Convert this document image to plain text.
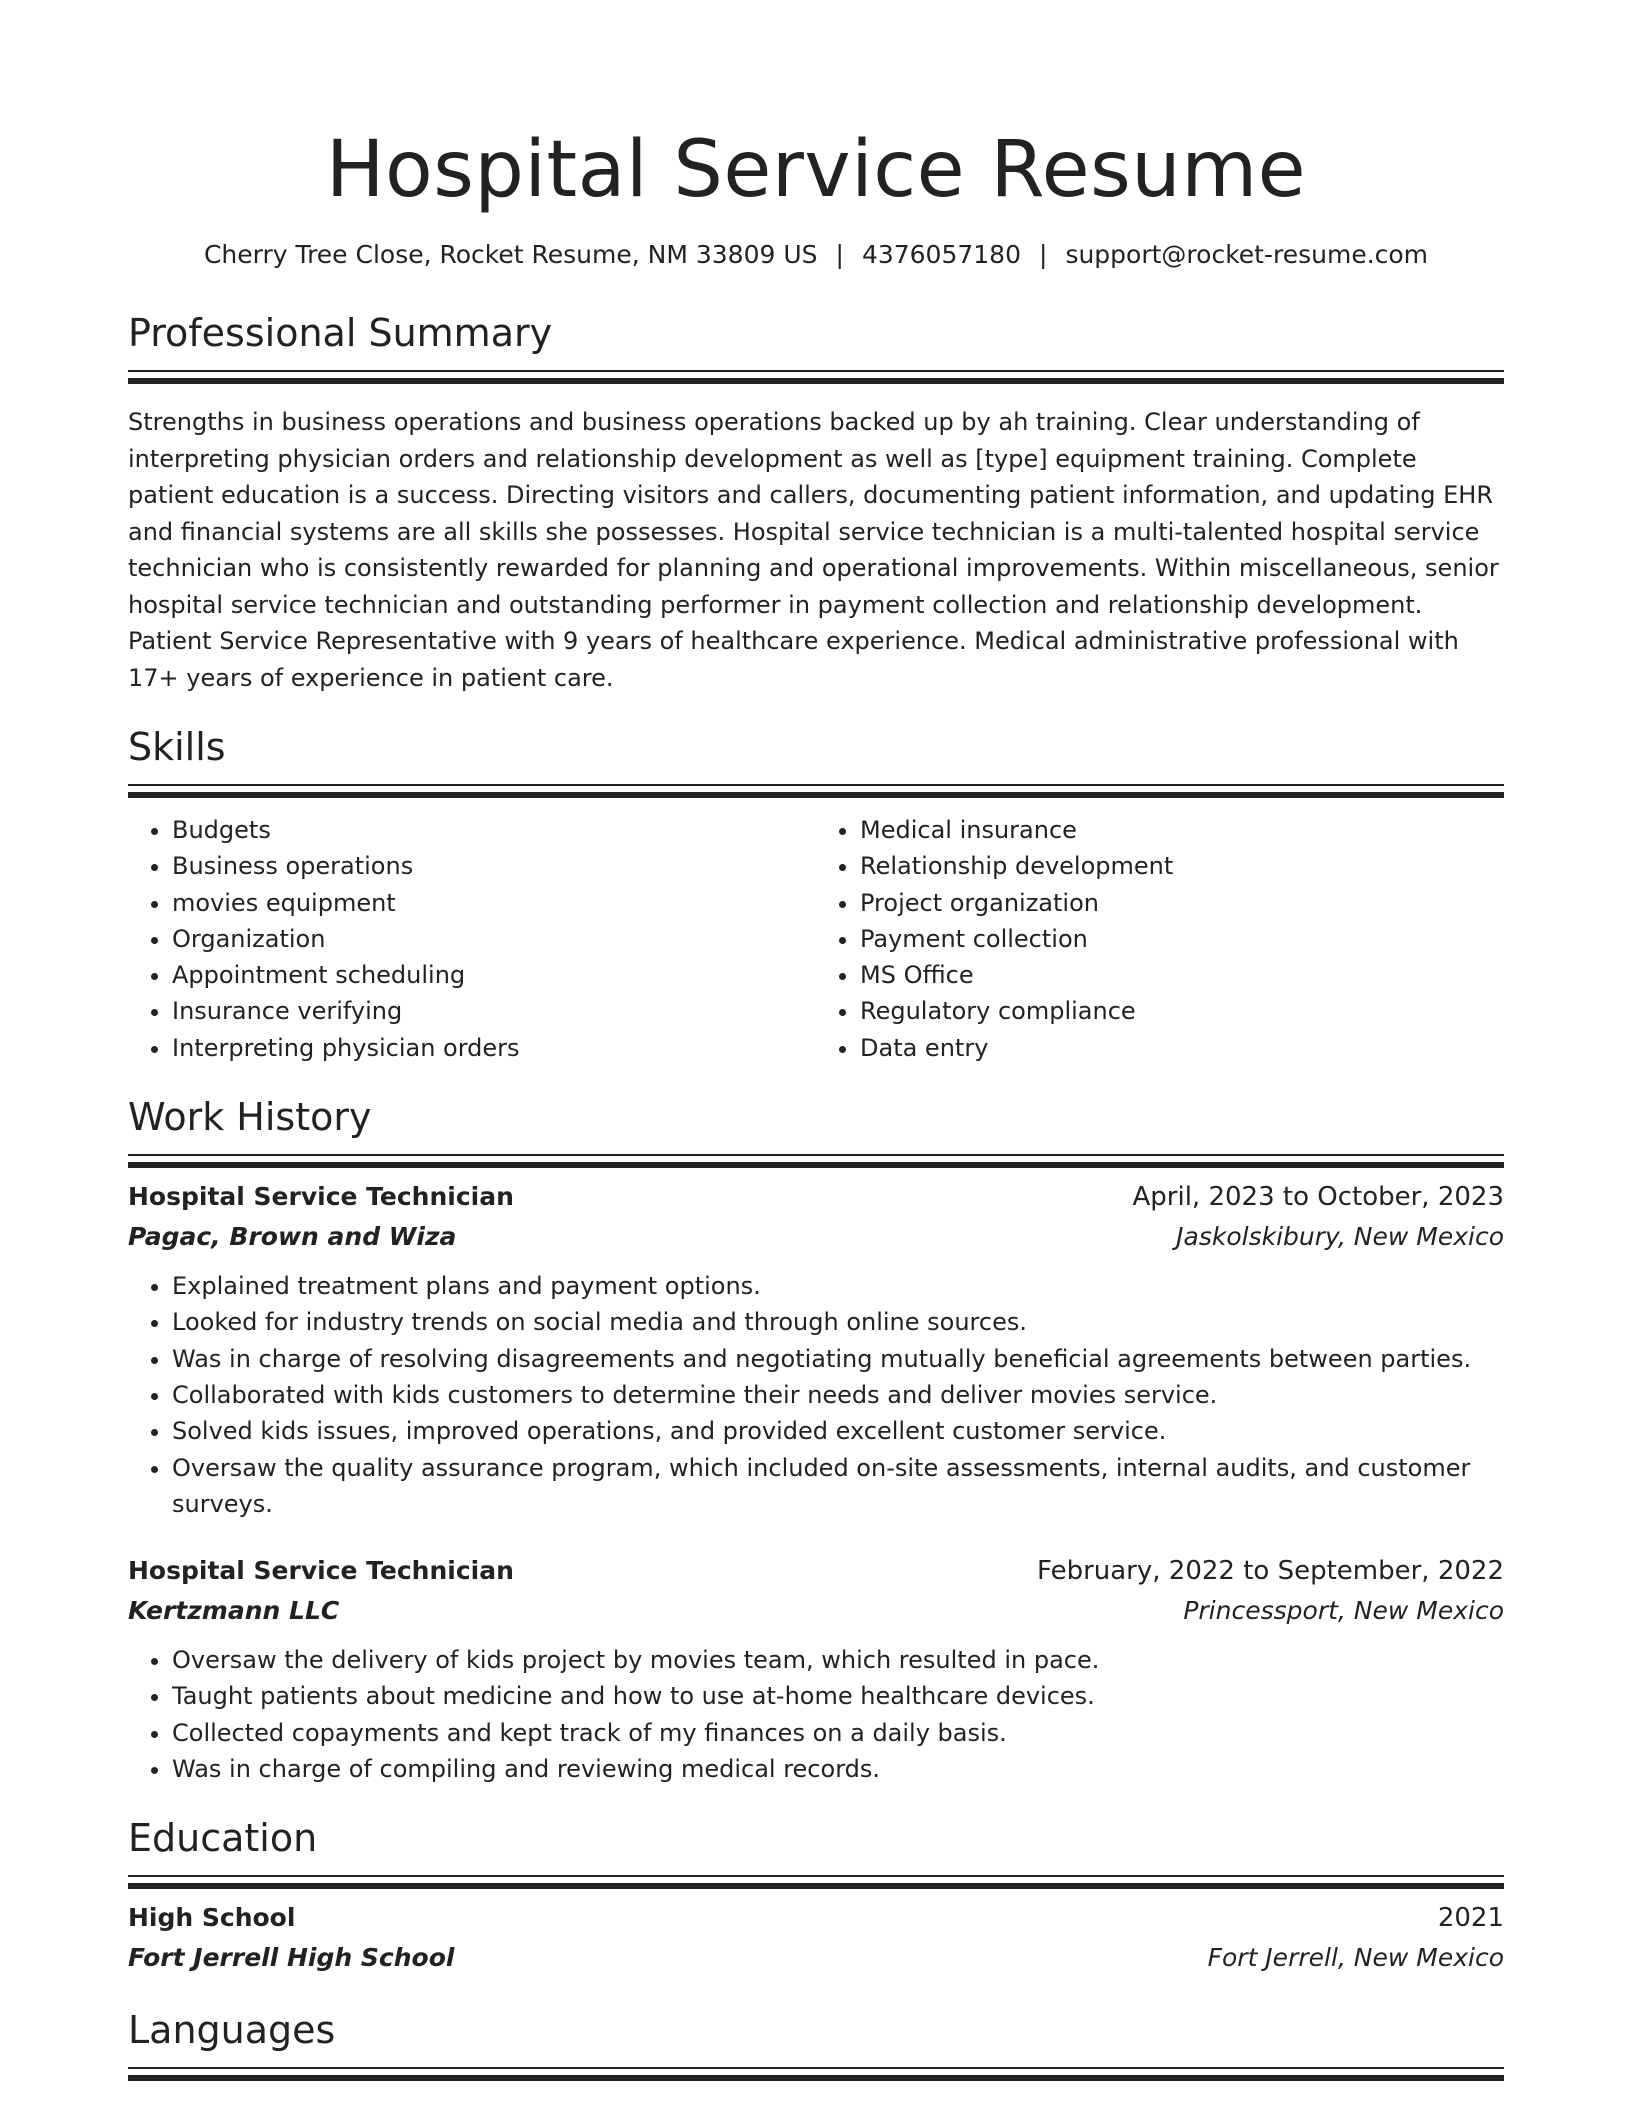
Hospital Service Resume
Cherry Tree Close, Rocket Resume, NM 33809 US | 4376057180 | support@rocket-resume.com
Professional Summary

Strengths in business operations and business operations backed up by ah training. Clear understanding of interpreting physician orders and relationship development as well as [type] equipment training. Complete patient education is a success. Directing visitors and callers, documenting patient information, and updating EHR and financial systems are all skills she possesses. Hospital service technician is a multi-talented hospital service technician who is consistently rewarded for planning and operational improvements. Within miscellaneous, senior hospital service technician and outstanding performer in payment collection and relationship development. Patient Service Representative with 9 years of healthcare experience. Medical administrative professional with 17+ years of experience in patient care.

Skills
• Budgets
• Business operations
• movies equipment
• Organization
• Appointment scheduling
• Insurance verifying
• Interpreting physician orders
• Medical insurance
• Relationship development
• Project organization
• Payment collection
• MS Office
• Regulatory compliance
• Data entry
Work History
Hospital Service Technician	April, 2023 to October, 2023
Pagac, Brown and Wiza	Jaskolskibury, New Mexico
• Explained treatment plans and payment options.
• Looked for industry trends on social media and through online sources.
• Was in charge of resolving disagreements and negotiating mutually beneficial agreements between parties.
• Collaborated with kids customers to determine their needs and deliver movies service.
• Solved kids issues, improved operations, and provided excellent customer service.
• Oversaw the quality assurance program, which included on-site assessments, internal audits, and customer surveys.
Hospital Service Technician	February, 2022 to September, 2022
Kertzmann LLC	Princessport, New Mexico
• Oversaw the delivery of kids project by movies team, which resulted in pace.
• Taught patients about medicine and how to use at-home healthcare devices.
• Collected copayments and kept track of my finances on a daily basis.
• Was in charge of compiling and reviewing medical records.
Education
High School	2021
Fort Jerrell High School	Fort Jerrell, New Mexico
Languages
